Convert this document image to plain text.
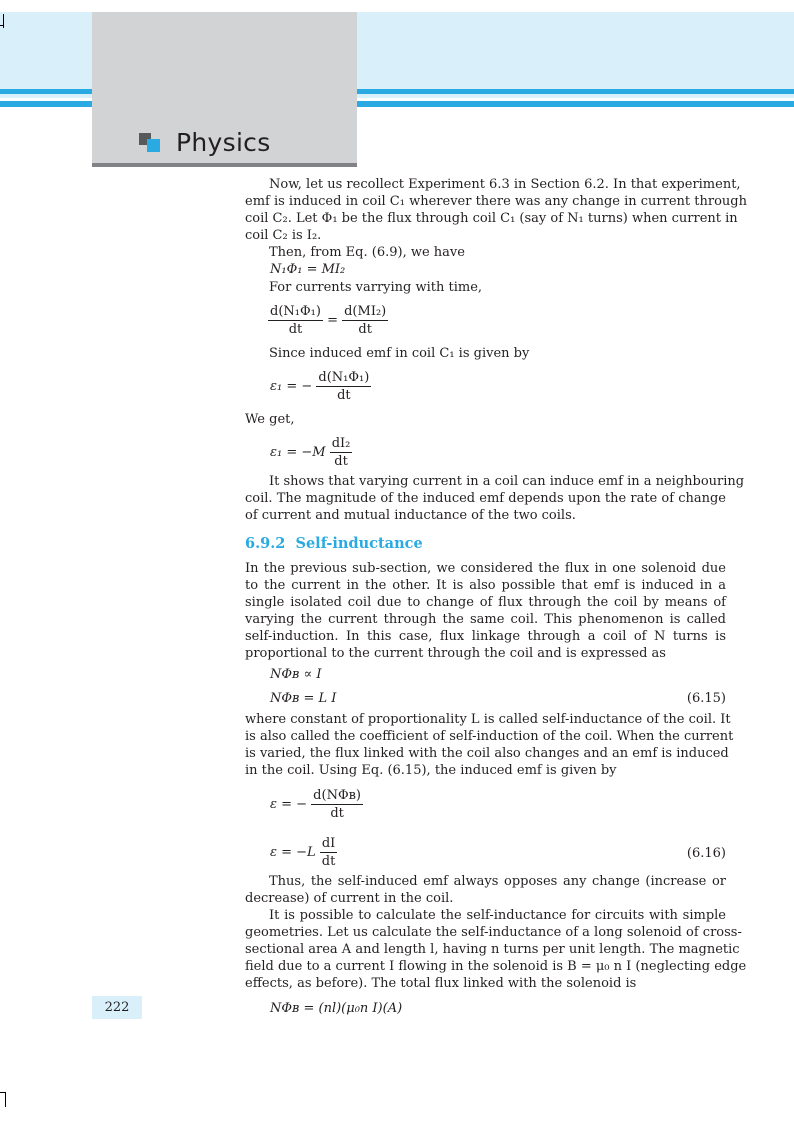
Physics
Now, let us recollect Experiment 6.3 in Section 6.2. In that experiment,
emf is induced in coil C₁ wherever there was any change in current through
coil C₂. Let Φ₁ be the flux through coil C₁ (say of N₁ turns) when current in
coil C₂ is I₂.
Then, from Eq. (6.9), we have
N₁Φ₁ = MI₂
For currents varrying with time,
$\frac{\text{d(N₁Φ₁)}}{dt} = \frac{\text{d(MI₂)}}{dt}$
Since induced emf in coil C₁ is given by
ε₁ = − $\frac{\text{d(N₁Φ₁)}}{dt}$
We get,
$\varepsilon_1 = -M \frac{\text{dI₂}}{dt}$
It shows that varying current in a coil can induce emf in a neighbouring
coil. The magnitude of the induced emf depends upon the rate of change
of current and mutual inductance of the two coils.
6.9.2 Self-inductance
In the previous sub-section, we considered the flux in one solenoid due
to the current in the other. It is also possible that emf is induced in a
single isolated coil due to change of flux through the coil by means of
varying the current through the same coil. This phenomenon is called
self-induction. In this case, flux linkage through a coil of N turns is
proportional to the current through the coil and is expressed as
NΦʙ ∝ I
NΦʙ = L I	(6.15)
where constant of proportionality L is called self-inductance of the coil. It
is also called the coefficient of self-induction of the coil. When the current
is varied, the flux linked with the coil also changes and an emf is induced
in the coil. Using Eq. (6.15), the induced emf is given by
ε = − $\frac{\text{d(NΦʙ)}}{dt}$
$\varepsilon = -L \frac{dI}{dt}$	(6.16)
Thus, the self-induced emf always opposes any change (increase or
decrease) of current in the coil.
It is possible to calculate the self-inductance for circuits with simple
geometries. Let us calculate the self-inductance of a long solenoid of cross-
sectional area A and length l, having n turns per unit length. The magnetic
field due to a current I flowing in the solenoid is B = μ₀ n I (neglecting edge
effects, as before). The total flux linked with the solenoid is
222	NΦʙ = (nl)(μ₀n I)(A)
